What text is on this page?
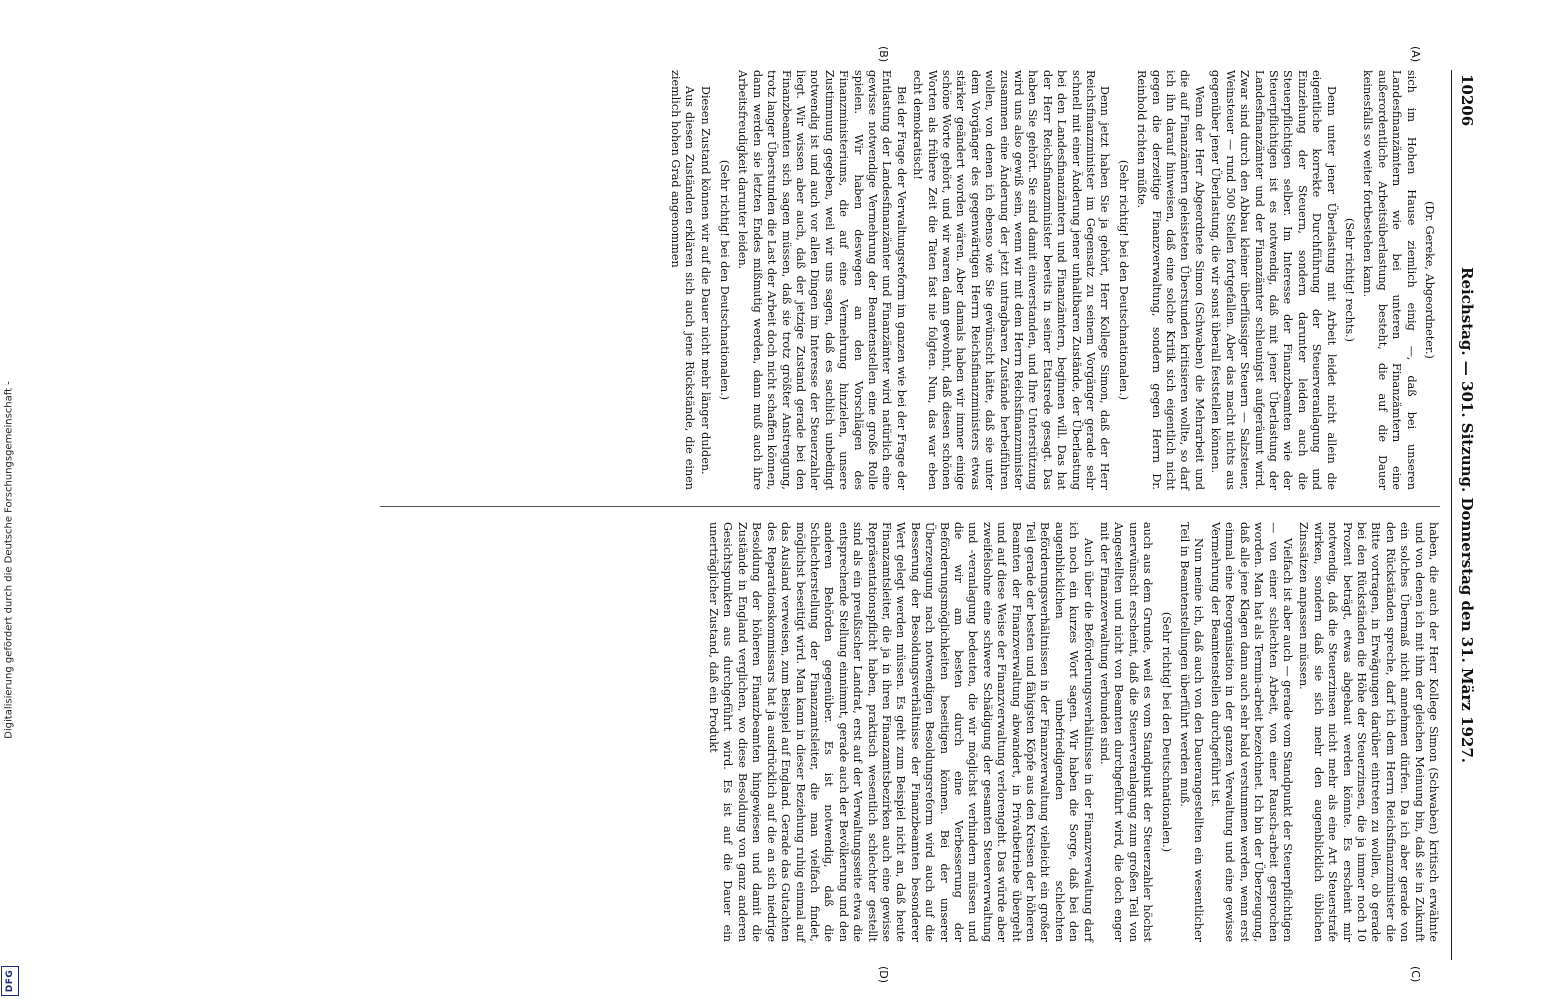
Digitalisierung gefördert durch die Deutsche Forschungsgemeinschaft -
DFG
10206
Reichstag. — 301. Sitzung. Donnerstag den 31. März 1927.
(A)
(B)
(C)
(D)

(Dr. Gereke, Abgeordneter.)

sich im Hohen Hause ziemlich einig —, daß bei unseren Landesfinanzämtern wie bei unteren Finanzämtern eine außerordentliche Arbeitsüberlastung besteht, die auf die Dauer keinesfalls so weiter fortbestehen kann.

(Sehr richtig! rechts.)

Denn unter jener Überlastung mit Arbeit leidet nicht allein die eigentliche korrekte Durchführung der Steuerveranlagung und Einziehung der Steuern, sondern darunter leiden auch die Steuerpflichtigen selber. Im Interesse der Finanzbeamten wie der Steuerpflichtigen ist es notwendig, daß mit jener Überlastung der Landesfinanzämter und der Finanzämter schleunigst aufgeräumt wird. Zwar sind durch den Abbau kleiner überflüssiger Steuern — Salzsteuer, Weinsteuer — rund 500 Stellen fortgefallen. Aber das macht nichts aus gegenüber jener Überlastung, die wir sonst überall feststellen können.

Wenn der Herr Abgeordnete Simon (Schwaben) die Mehrarbeit und die auf Finanzämtern geleisteten Überstunden kritisieren wollte, so darf ich ihn darauf hinweisen, daß eine solche Kritik sich eigentlich nicht gegen die derzeitige Finanzverwaltung, sondern gegen Herrn Dr. Reinhold richten müßte.

(Sehr richtig! bei den Deutschnationalen.)

Denn jetzt haben Sie ja gehört, Herr Kollege Simon, daß der Herr Reichsfinanzminister im Gegensatz zu seinem Vorgänger gerade sehr schnell mit einer Änderung jener unhaltbaren Zustände, der Überlastung bei den Landesfinanzämtern und Finanzämtern, beginnen will. Das hat der Herr Reichsfinanzminister bereits in seiner Etatsrede gesagt. Das haben Sie gehört. Sie sind damit einverstanden, und Ihre Unterstützung wird uns also gewiß sein, wenn wir mit dem Herrn Reichsfinanzminister zusammen eine Änderung der jetzt untragbaren Zustände herbeiführen wollen, von denen ich ebenso wie Sie gewünscht hätte, daß sie unter dem Vorgänger des gegenwärtigen Herrn Reichsfinanzministers etwas stärker geändert worden wären. Aber damals haben wir immer einige schöne Worte gehört, und wir waren dann gewohnt, daß diesen schönen Worten als frühere Zeit die Taten fast nie folgten. Nun, das war eben echt demokratisch!

Bei der Frage der Verwaltungsreform im ganzen wie bei der Frage der Entlastung der Landesfinanzämter und Finanzämter wird natürlich eine gewisse notwendige Vermehrung der Beamtenstellen eine große Rolle spielen. Wir haben deswegen an den Vorschlägen des Finanzministeriums, die auf eine Vermehrung hinzielen, unsere Zustimmung gegeben, weil wir uns sagen, daß es sachlich unbedingt notwendig ist und auch vor allen Dingen im Interesse der Steuerzahler liegt. Wir wissen aber auch, daß der jetzige Zustand gerade bei den Finanzbeamten sich sagen müssen, daß sie trotz größter Anstrengung, trotz langer Überstunden die Last der Arbeit doch nicht schaffen können, dann werden sie letzten Endes mißmutig werden, dann muß auch ihre Arbeitsfreudigkeit darunter leiden.

(Sehr richtig! bei den Deutschnationalen.)

Diesen Zustand können wir auf die Dauer nicht mehr länger dulden.

Aus diesen Zuständen erklären sich auch jene Rückstände, die einen ziemlich hohen Grad angenommen

haben, die auch der Herr Kollege Simon (Schwaben) kritisch erwähnte und von denen ich mit ihm der gleichen Meinung bin, daß sie in Zukunft ein solches Übermaß nicht annehmen dürfen. Da ich aber gerade von den Rückständen spreche, darf ich dem Herrn Reichsfinanzminister die Bitte vortragen, in Erwägungen darüber eintreten zu wollen, ob gerade bei den Rückständen die Höhe der Steuerzinsen, die ja immer noch 10 Prozent beträgt, etwas abgebaut werden könnte. Es erscheint mir notwendig, daß die Steuerzinsen nicht mehr als eine Art Steuerstrafe wirken, sondern daß sie sich mehr den augenblicklich üblichen Zinssätzen anpassen müssen.

Vielfach ist aber auch — gerade vom Standpunkt der Steuerpflichtigen — von einer schlechten Arbeit, von einer Rausch-arbeit gesprochen worden. Man hat als Termin-arbeit bezeichnet. Ich bin der Überzeugung, daß alle jene Klagen dann auch sehr bald verstummen werden, wenn erst einmal eine Reorganisation in der ganzen Verwaltung und eine gewisse Vermehrung der Beamtenstellen durchgeführt ist.

Nun meine ich, daß auch von den Dauerangestellten ein wesentlicher Teil in Beamtenstellungen überführt werden muß.

(Sehr richtig! bei den Deutschnationalen.)

auch aus dem Grunde, weil es vom Standpunkt der Steuerzahler höchst unerwünscht erscheint, daß die Steuerveranlagung zum großen Teil von Angestellten und nicht von Beamten durchgeführt wird, die doch enger mit der Finanzverwaltung verbunden sind.

Auch über die Beförderungsverhältnisse in der Finanzverwaltung darf ich noch ein kurzes Wort sagen. Wir haben die Sorge, daß bei den augenblicklichen unbefriedigenden schlechten Beförderungsverhältnissen in der Finanzverwaltung vielleicht ein großer Teil gerade der besten und fähigsten Köpfe aus den Kreisen der höheren Beamten der Finanzverwaltung abwandert, in Privatbetriebe übergeht und auf diese Weise der Finanzverwaltung verlorengeht. Das würde aber zweifelsohne eine schwere Schädigung der gesamten Steuerverwaltung und -veranlagung bedeuten, die wir möglichst verhindern müssen und die wir am besten durch eine Verbesserung der Beförderungsmöglichkeiten beseitigen können. Bei der unserer Überzeugung nach notwendigen Besoldungsreform wird auch auf die Besserung der Besoldungsverhältnisse der Finanzbeamten besonderer Wert gelegt werden müssen. Es geht zum Beispiel nicht an, daß heute Finanzamtsleiter, die ja in ihren Finanzamtsbezirken auch eine gewisse Repräsentationspflicht haben, praktisch wesentlich schlechter gestellt sind als ein preußischer Landrat, erst auf der Verwaltungsseite etwa die entsprechende Stellung einnimmt, gerade auch der Bevölkerung und den anderen Behörden gegenüber. Es ist notwendig, daß die Schlechterstellung der Finanzamtsleiter, die man vielfach findet, möglichst beseitigt wird. Man kann in dieser Beziehung ruhig einmal auf das Ausland verweisen, zum Beispiel auf England. Gerade das Gutachten des Reparationskommissars hat ja ausdrücklich auf die an sich niedrige Besoldung der höheren Finanzbeamten hingewiesen und damit die Zustände in England verglichen, wo diese Besoldung von ganz anderen Gesichtspunkten aus durchgeführt wird. Es ist auf die Dauer ein unerträglicher Zustand, daß ein Produkt
